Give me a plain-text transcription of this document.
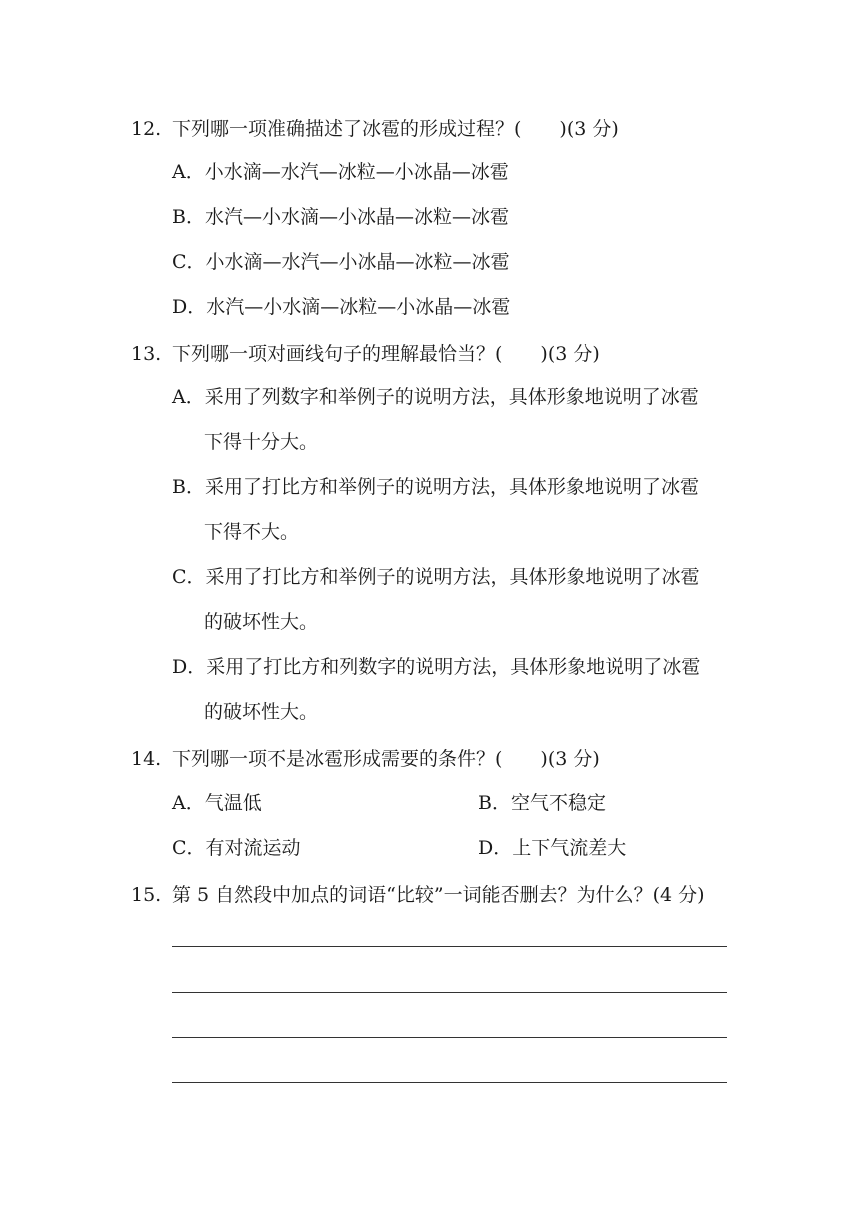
12. 下列哪一项准确描述了冰雹的形成过程？(　　)(3 分)
A．小水滴—水汽—冰粒—小冰晶—冰雹
B．水汽—小水滴—小冰晶—冰粒—冰雹
C．小水滴—水汽—小冰晶—冰粒—冰雹
D．水汽—小水滴—冰粒—小冰晶—冰雹
13. 下列哪一项对画线句子的理解最恰当？(　　)(3 分)
A．采用了列数字和举例子的说明方法，具体形象地说明了冰雹
下得十分大。
B．采用了打比方和举例子的说明方法，具体形象地说明了冰雹
下得不大。
C．采用了打比方和举例子的说明方法，具体形象地说明了冰雹
的破坏性大。
D．采用了打比方和列数字的说明方法，具体形象地说明了冰雹
的破坏性大。
14. 下列哪一项不是冰雹形成需要的条件？(　　)(3 分)
A．气温低	B．空气不稳定
C．有对流运动	D．上下气流差大
15. 第 5 自然段中加点的词语“比较”一词能否删去？为什么？(4 分)
